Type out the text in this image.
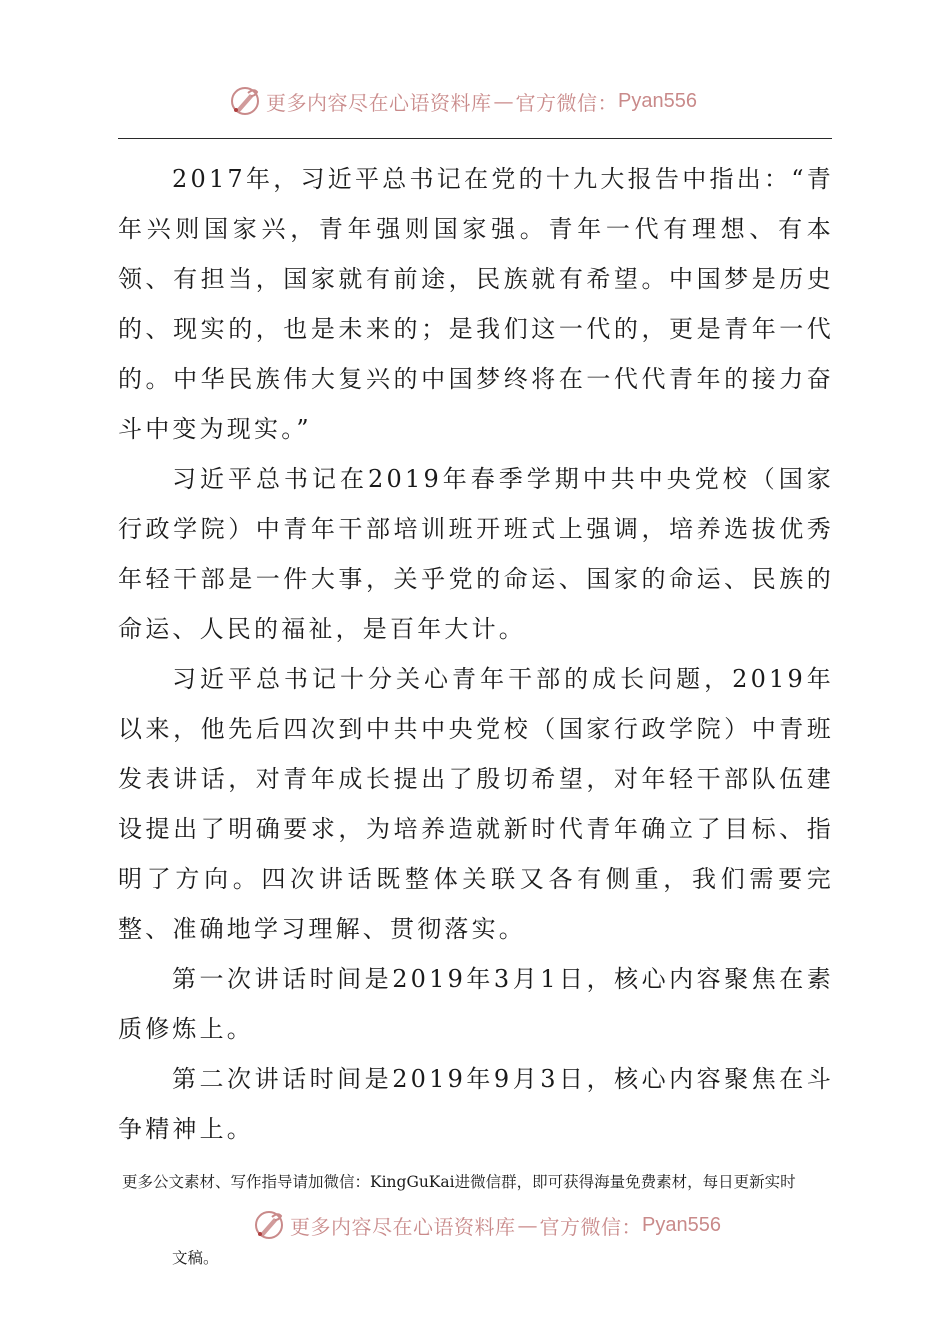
更多内容尽在心语资料库 — 官方微信： Pyan556

2017年，习近平总书记在党的十九大报告中指出：“青年兴则国家兴，青年强则国家强。青年一代有理想、有本领、有担当，国家就有前途，民族就有希望。中国梦是历史的、现实的，也是未来的；是我们这一代的，更是青年一代的。中华民族伟大复兴的中国梦终将在一代代青年的接力奋斗中变为现实。”

习近平总书记在2019年春季学期中共中央党校（国家行政学院）中青年干部培训班开班式上强调，培养选拔优秀年轻干部是一件大事，关乎党的命运、国家的命运、民族的命运、人民的福祉，是百年大计。

习近平总书记十分关心青年干部的成长问题，2019年以来，他先后四次到中共中央党校（国家行政学院）中青班发表讲话，对青年成长提出了殷切希望，对年轻干部队伍建设提出了明确要求，为培养造就新时代青年确立了目标、指明了方向。四次讲话既整体关联又各有侧重，我们需要完整、准确地学习理解、贯彻落实。

第一次讲话时间是2019年3月1日，核心内容聚焦在素质修炼上。

第二次讲话时间是2019年9月3日，核心内容聚焦在斗争精神上。

更多公文素材、写作指导请加微信：KingGuKai进微信群，即可获得海量免费素材，每日更新实时
更多内容尽在心语资料库 — 官方微信： Pyan556
文稿。
